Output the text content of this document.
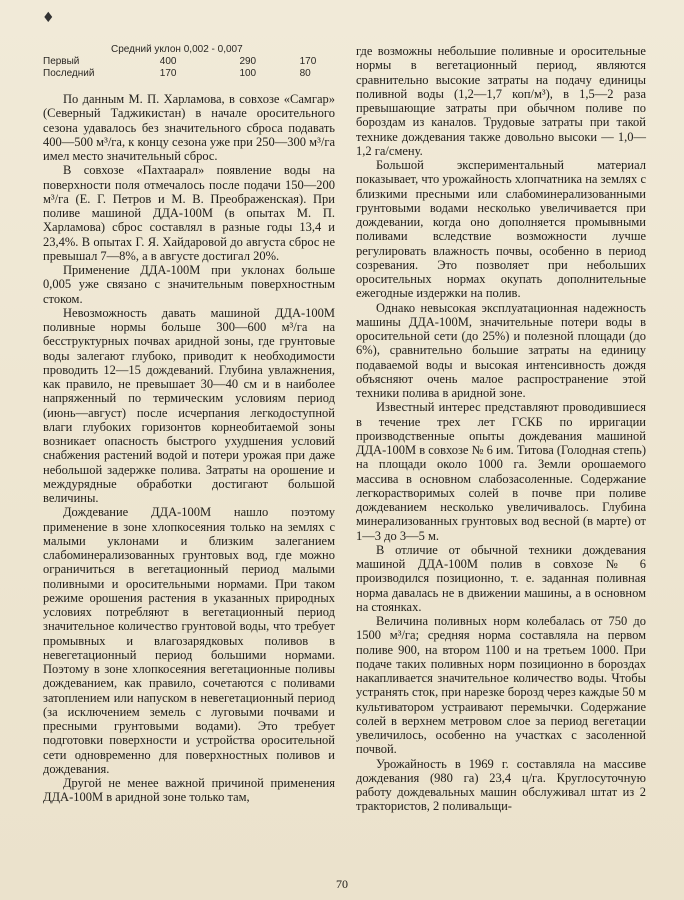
♦
Средний уклон 0,002 - 0,007
Первый	400	290	170
Последний	170	100	80

По данным М. П. Харламова, в совхозе «Самгар» (Северный Таджикистан) в начале оросительного сезона удавалось без значительного сброса подавать 400—500 м³/га, к концу сезона уже при 250—300 м³/га имел место значительный сброс.

В совхозе «Пахтаарал» появление воды на поверхности поля отмечалось после подачи 150—200 м³/га (Е. Г. Петров и М. В. Преображенская). При поливе машиной ДДА-100М (в опытах М. П. Харламова) сброс составлял в разные годы 13,4 и 23,4%. В опытах Г. Я. Хайдаровой до августа сброс не превышал 7—8%, а в августе достигал 20%.

Применение ДДА-100М при уклонах больше 0,005 уже связано с значительным поверхностным стоком.

Невозможность давать машиной ДДА-100М поливные нормы больше 300—600 м³/га на бесструктурных почвах аридной зоны, где грунтовые воды залегают глубоко, приводит к необходимости проводить 12—15 дождеваний. Глубина увлажнения, как правило, не превышает 30—40 см и в наиболее напряженный по термическим условиям период (июнь—август) после исчерпания легкодоступной влаги глубоких горизонтов корнеобитаемой зоны возникает опасность быстрого ухудшения условий снабжения растений водой и потери урожая при даже небольшой задержке полива. Затраты на орошение и междурядные обработки достигают большой величины.

Дождевание ДДА-100М нашло поэтому применение в зоне хлопкосеяния только на землях с малыми уклонами и близким залеганием слабоминерализованных грунтовых вод, где можно ограничиться в вегетационный период малыми поливными и оросительными нормами. При таком режиме орошения растения в указанных природных условиях потребляют в вегетационный период значительное количество грунтовой воды, что требует промывных и влагозарядковых поливов в невегетационный период большими нормами. Поэтому в зоне хлопкосеяния вегетационные поливы дождеванием, как правило, сочетаются с поливами затоплением или напуском в невегетационный период (за исключением земель с луговыми почвами и пресными грунтовыми водами). Это требует подготовки поверхности и устройства оросительной сети одновременно для поверхностных поливов и дождевания.

Другой не менее важной причиной применения ДДА-100М в аридной зоне только там,

где возможны небольшие поливные и оросительные нормы в вегетационный период, являются сравнительно высокие затраты на подачу единицы поливной воды (1,2—1,7 коп/м³), в 1,5—2 раза превышающие затраты при обычном поливе по бороздам из каналов. Трудовые затраты при такой технике дождевания также довольно высоки — 1,0—1,2 га/смену.

Большой экспериментальный материал показывает, что урожайность хлопчатника на землях с близкими пресными или слабоминерализованными грунтовыми водами несколько увеличивается при дождевании, когда оно дополняется промывными поливами вследствие возможности лучше регулировать влажность почвы, особенно в период созревания. Это позволяет при небольших оросительных нормах окупать дополнительные ежегодные издержки на полив.

Однако невысокая эксплуатационная надежность машины ДДА-100М, значительные потери воды в оросительной сети (до 25%) и полезной площади (до 6%), сравнительно большие затраты на единицу подаваемой воды и высокая интенсивность дождя объясняют очень малое распространение этой техники полива в аридной зоне.

Известный интерес представляют проводившиеся в течение трех лет ГСКБ по ирригации производственные опыты дождевания машиной ДДА-100М в совхозе № 6 им. Титова (Голодная степь) на площади около 1000 га. Земли орошаемого массива в основном слабозасоленные. Содержание легкорастворимых солей в почве при поливе дождеванием несколько увеличивалось. Глубина минерализованных грунтовых вод весной (в марте) от 1—3 до 3—5 м.

В отличие от обычной техники дождевания машиной ДДА-100М полив в совхозе № 6 производился позиционно, т. е. заданная поливная норма давалась не в движении машины, а в основном на стоянках.

Величина поливных норм колебалась от 750 до 1500 м³/га; средняя норма составляла на первом поливе 900, на втором 1100 и на третьем 1000. При подаче таких поливных норм позиционно в бороздах накапливается значительное количество воды. Чтобы устранять сток, при нарезке борозд через каждые 50 м культиватором устраивают перемычки. Содержание солей в верхнем метровом слое за период вегетации увеличилось, особенно на участках с засоленной почвой.

Урожайность в 1969 г. составляла на массиве дождевания (980 га) 23,4 ц/га. Круглосуточную работу дождевальных машин обслуживал штат из 2 трактористов, 2 поливальщи-

70
